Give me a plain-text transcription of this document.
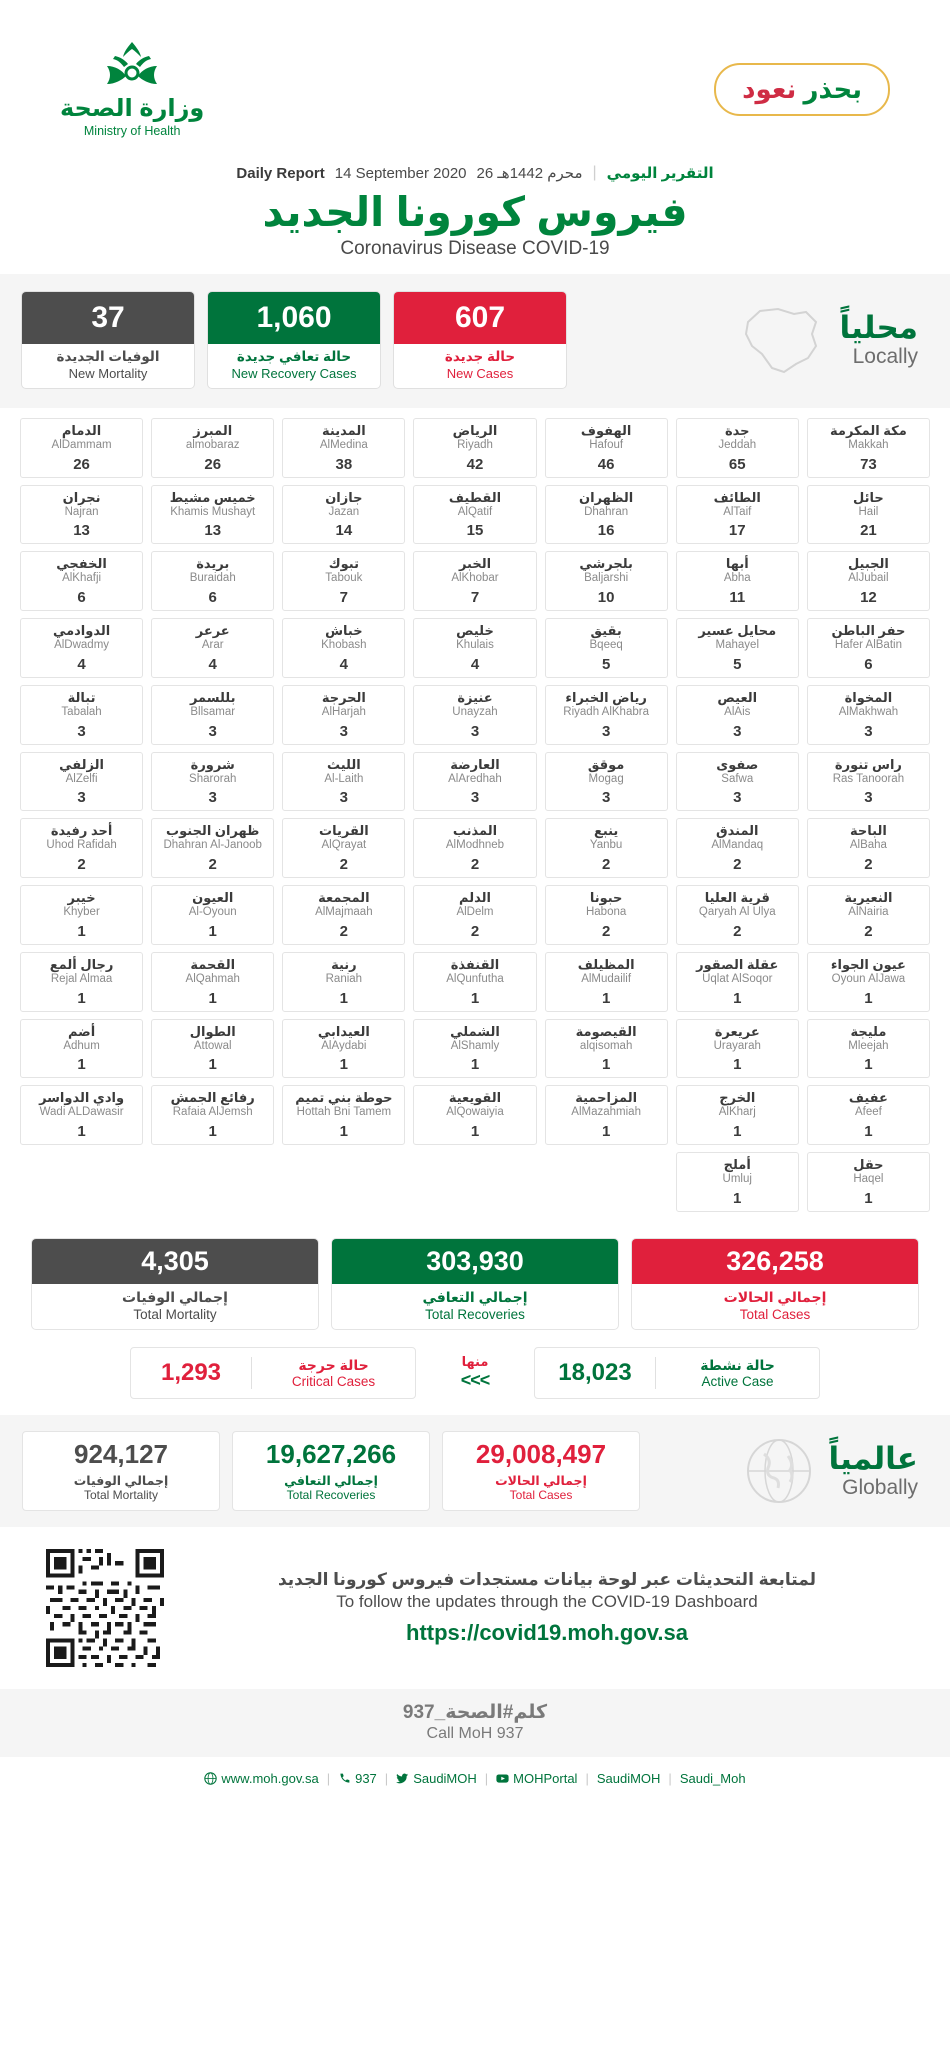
وزارة الصحة
Ministry of Health
بحذر نعود
Daily Report 14 September 2020 26 محرم 1442هـ | التقرير اليومي
فيروس كورونا الجديد
Coronavirus Disease COVID-19
37
الوفيات الجديدة
New Mortality
1,060
حالة تعافي جديدة
New Recovery Cases
607
حالة جديدة
New Cases
محلياً
Locally
الدمام
AlDammam
26
المبرز
almobaraz
26
المدينة
AlMedina
38
الرياض
Riyadh
42
الهفوف
Hafouf
46
جدة
Jeddah
65
مكة المكرمة
Makkah
73
نجران
Najran
13
خميس مشيط
Khamis Mushayt
13
جازان
Jazan
14
القطيف
AlQatif
15
الظهران
Dhahran
16
الطائف
AlTaif
17
حائل
Hail
21
الخفجي
AlKhafji
6
بريدة
Buraidah
6
تبوك
Tabouk
7
الخبر
AlKhobar
7
بلجرشي
Baljarshi
10
أبها
Abha
11
الجبيل
AlJubail
12
الدوادمي
AlDwadmy
4
عرعر
Arar
4
خباش
Khobash
4
خليص
Khulais
4
بقيق
Bqeeq
5
محايل عسير
Mahayel
5
حفر الباطن
Hafer AlBatin
6
تبالة
Tabalah
3
بللسمر
Bllsamar
3
الحرجة
AlHarjah
3
عنيزة
Unayzah
3
رياض الخبراء
Riyadh AlKhabra
3
العيص
AlAis
3
المخواة
AlMakhwah
3
الزلفي
AlZelfi
3
شرورة
Sharorah
3
الليث
Al-Laith
3
العارضة
AlAredhah
3
موقق
Mogag
3
صفوى
Safwa
3
راس تنورة
Ras Tanoorah
3
أحد رفيدة
Uhod Rafidah
2
ظهران الجنوب
Dhahran Al-Janoob
2
القريات
AlQrayat
2
المذنب
AlModhneb
2
ينبع
Yanbu
2
المندق
AlMandaq
2
الباحة
AlBaha
2
خيبر
Khyber
1
العيون
Al-Oyoun
1
المجمعة
AlMajmaah
2
الدلم
AlDelm
2
حبونا
Habona
2
قرية العليا
Qaryah Al Ulya
2
النعيرية
AlNairia
2
رجال ألمع
Rejal Almaa
1
القحمة
AlQahmah
1
رنية
Raniah
1
القنفذة
AlQunfutha
1
المظيلف
AlMudailif
1
عقلة الصقور
Uqlat AlSoqor
1
عيون الجواء
Oyoun AlJawa
1
أضم
Adhum
1
الطوال
Attowal
1
العيدابي
AlAydabi
1
الشملي
AlShamly
1
القيصومة
alqisomah
1
عريعرة
Urayarah
1
مليجة
Mleejah
1
وادي الدواسر
Wadi ALDawasir
1
رفائع الجمش
Rafaia AlJemsh
1
حوطة بني تميم
Hottah Bni Tamem
1
القويعية
AlQowaiyia
1
المزاحمية
AlMazahmiah
1
الخرج
AlKharj
1
عفيف
Afeef
1
أملج
Umluj
1
حقل
Haqel
1
4,305
إجمالي الوفيات
Total Mortality
303,930
إجمالي التعافي
Total Recoveries
326,258
إجمالي الحالات
Total Cases
1,293	حالة حرجة
Critical Cases
منها
<<<	18,023	حالة نشطة
Active Case
924,127
إجمالي الوفيات
Total Mortality
19,627,266
إجمالي التعافي
Total Recoveries
29,008,497
إجمالي الحالات
Total Cases
عالمياً
Globally
لمتابعة التحديثات عبر لوحة بيانات مستجدات فيروس كورونا الجديد
To follow the updates through the COVID-19 Dashboard
https://covid19.moh.gov.sa
كلم#الصحة_937
Call MoH 937
www.moh.gov.sa | 937 | SaudiMOH | MOHPortal | SaudiMOH | Saudi_Moh
